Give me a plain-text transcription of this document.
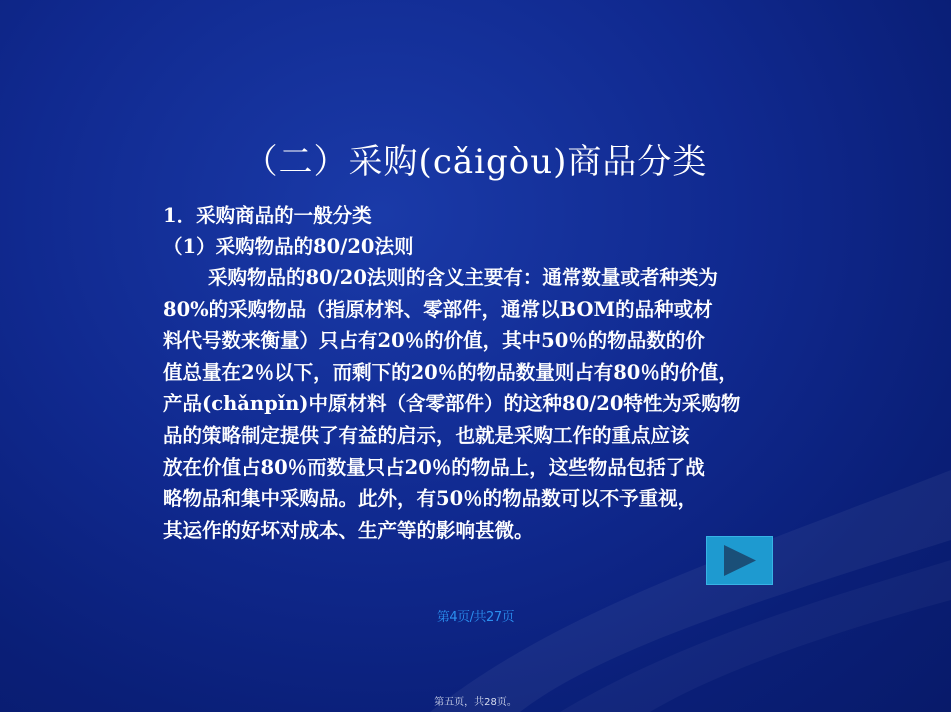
（二）采购(cǎigòu)商品分类
1．采购商品的一般分类
（1）采购物品的80/20法则
采购物品的80/20法则的含义主要有：通常数量或者种类为
80%的采购物品（指原材料、零部件，通常以BOM的品种或材
料代号数来衡量）只占有20％的价值，其中50％的物品数的价
值总量在2％以下，而剩下的20％的物品数量则占有80％的价值，
产品(chǎnpǐn)中原材料（含零部件）的这种80/20特性为采购物
品的策略制定提供了有益的启示，也就是采购工作的重点应该
放在价值占80％而数量只占20％的物品上，这些物品包括了战
略物品和集中采购品。此外，有50％的物品数可以不予重视，
其运作的好坏对成本、生产等的影响甚微。
第4页/共27页
第五页，共28页。
